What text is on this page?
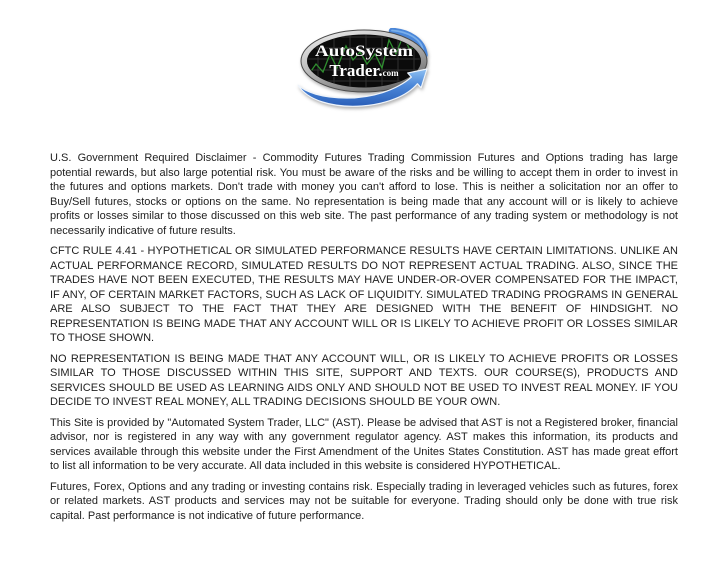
AutoSystem
Trader.com

U.S. Government Required Disclaimer - Commodity Futures Trading Commission Futures and Options trading has large potential rewards, but also large potential risk. You must be aware of the risks and be willing to accept them in order to invest in the futures and options markets. Don't trade with money you can't afford to lose. This is neither a solicitation nor an offer to Buy/Sell futures, stocks or options on the same. No representation is being made that any account will or is likely to achieve profits or losses similar to those discussed on this web site. The past performance of any trading system or methodology is not necessarily indicative of future results.

CFTC RULE 4.41 - HYPOTHETICAL OR SIMULATED PERFORMANCE RESULTS HAVE CERTAIN LIMITATIONS. UNLIKE AN ACTUAL PERFORMANCE RECORD, SIMULATED RESULTS DO NOT REPRESENT ACTUAL TRADING. ALSO, SINCE THE TRADES HAVE NOT BEEN EXECUTED, THE RESULTS MAY HAVE UNDER-OR-OVER COMPENSATED FOR THE IMPACT, IF ANY, OF CERTAIN MARKET FACTORS, SUCH AS LACK OF LIQUIDITY. SIMULATED TRADING PROGRAMS IN GENERAL ARE ALSO SUBJECT TO THE FACT THAT THEY ARE DESIGNED WITH THE BENEFIT OF HINDSIGHT. NO REPRESENTATION IS BEING MADE THAT ANY ACCOUNT WILL OR IS LIKELY TO ACHIEVE PROFIT OR LOSSES SIMILAR TO THOSE SHOWN.

NO REPRESENTATION IS BEING MADE THAT ANY ACCOUNT WILL, OR IS LIKELY TO ACHIEVE PROFITS OR LOSSES SIMILAR TO THOSE DISCUSSED WITHIN THIS SITE, SUPPORT AND TEXTS. OUR COURSE(S), PRODUCTS AND SERVICES SHOULD BE USED AS LEARNING AIDS ONLY AND SHOULD NOT BE USED TO INVEST REAL MONEY. IF YOU DECIDE TO INVEST REAL MONEY, ALL TRADING DECISIONS SHOULD BE YOUR OWN.

This Site is provided by "Automated System Trader, LLC" (AST). Please be advised that AST is not a Registered broker, financial advisor, nor is registered in any way with any government regulator agency. AST makes this information, its products and services available through this website under the First Amendment of the Unites States Constitution. AST has made great effort to list all information to be very accurate. All data included in this website is considered HYPOTHETICAL.

Futures, Forex, Options and any trading or investing contains risk. Especially trading in leveraged vehicles such as futures, forex or related markets. AST products and services may not be suitable for everyone. Trading should only be done with true risk capital. Past performance is not indicative of future performance.
